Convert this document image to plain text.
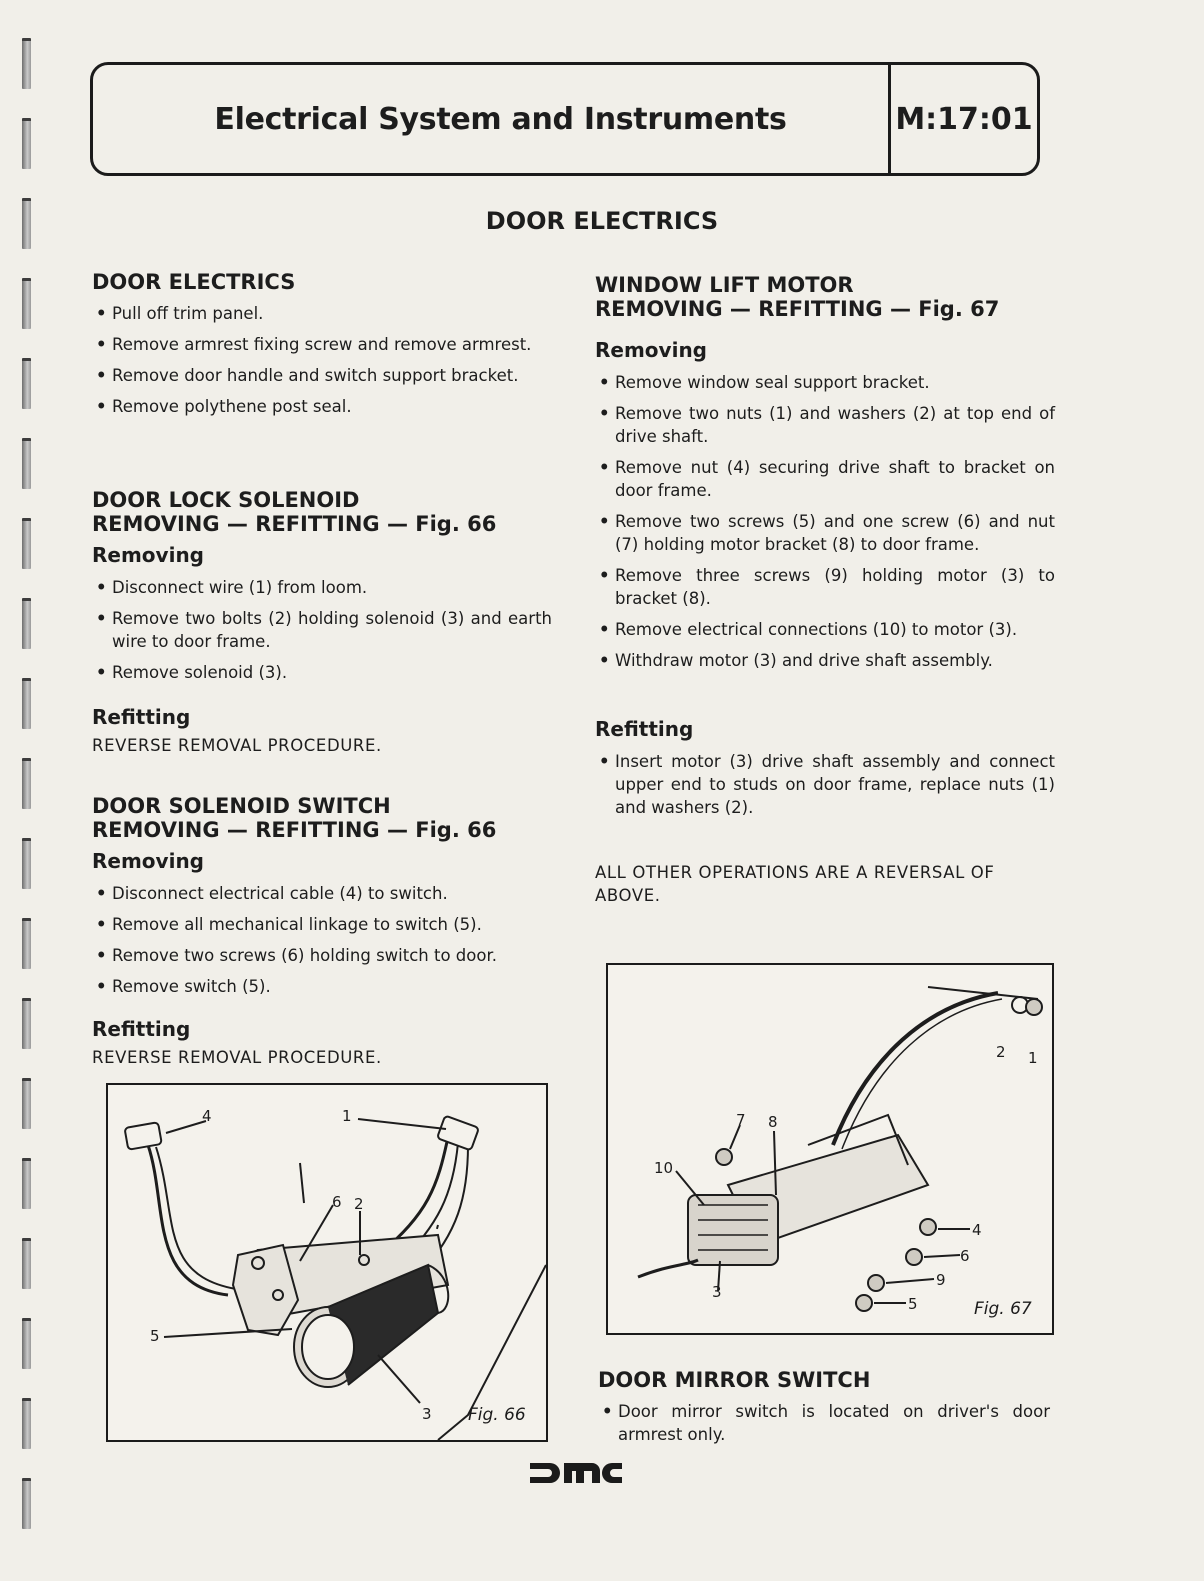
Electrical System and Instruments	M:17:01
DOOR ELECTRICS
DOOR ELECTRICS
• Pull off trim panel.
• Remove armrest fixing screw and remove armrest.
• Remove door handle and switch support bracket.
• Remove polythene post seal.
DOOR LOCK SOLENOID
REMOVING — REFITTING — Fig. 66
Removing
• Disconnect wire (1) from loom.
• Remove two bolts (2) holding solenoid (3) and earth wire to door frame.
• Remove solenoid (3).
Refitting
REVERSE REMOVAL PROCEDURE.
DOOR SOLENOID SWITCH
REMOVING — REFITTING — Fig. 66
Removing
• Disconnect electrical cable (4) to switch.
• Remove all mechanical linkage to switch (5).
• Remove two screws (6) holding switch to door.
• Remove switch (5).
Refitting
REVERSE REMOVAL PROCEDURE.
4	1
6 2
5
3 Fig. 66
WINDOW LIFT MOTOR
REMOVING — REFITTING — Fig. 67
Removing
• Remove window seal support bracket.
• Remove two nuts (1) and washers (2) at top end of drive shaft.
• Remove nut (4) securing drive shaft to bracket on door frame.
• Remove two screws (5) and one screw (6) and nut (7) holding motor bracket (8) to door frame.
• Remove three screws (9) holding motor (3) to bracket (8).
• Remove electrical connections (10) to motor (3).
• Withdraw motor (3) and drive shaft assembly.
Refitting
• Insert motor (3) drive shaft assembly and connect upper end to studs on door frame, replace nuts (1) and washers (2).
ALL OTHER OPERATIONS ARE A REVERSAL OF ABOVE.
2 1
7 8
10
4
6
9
5
3
Fig. 67
DOOR MIRROR SWITCH
• Door mirror switch is located on driver's door armrest only.
